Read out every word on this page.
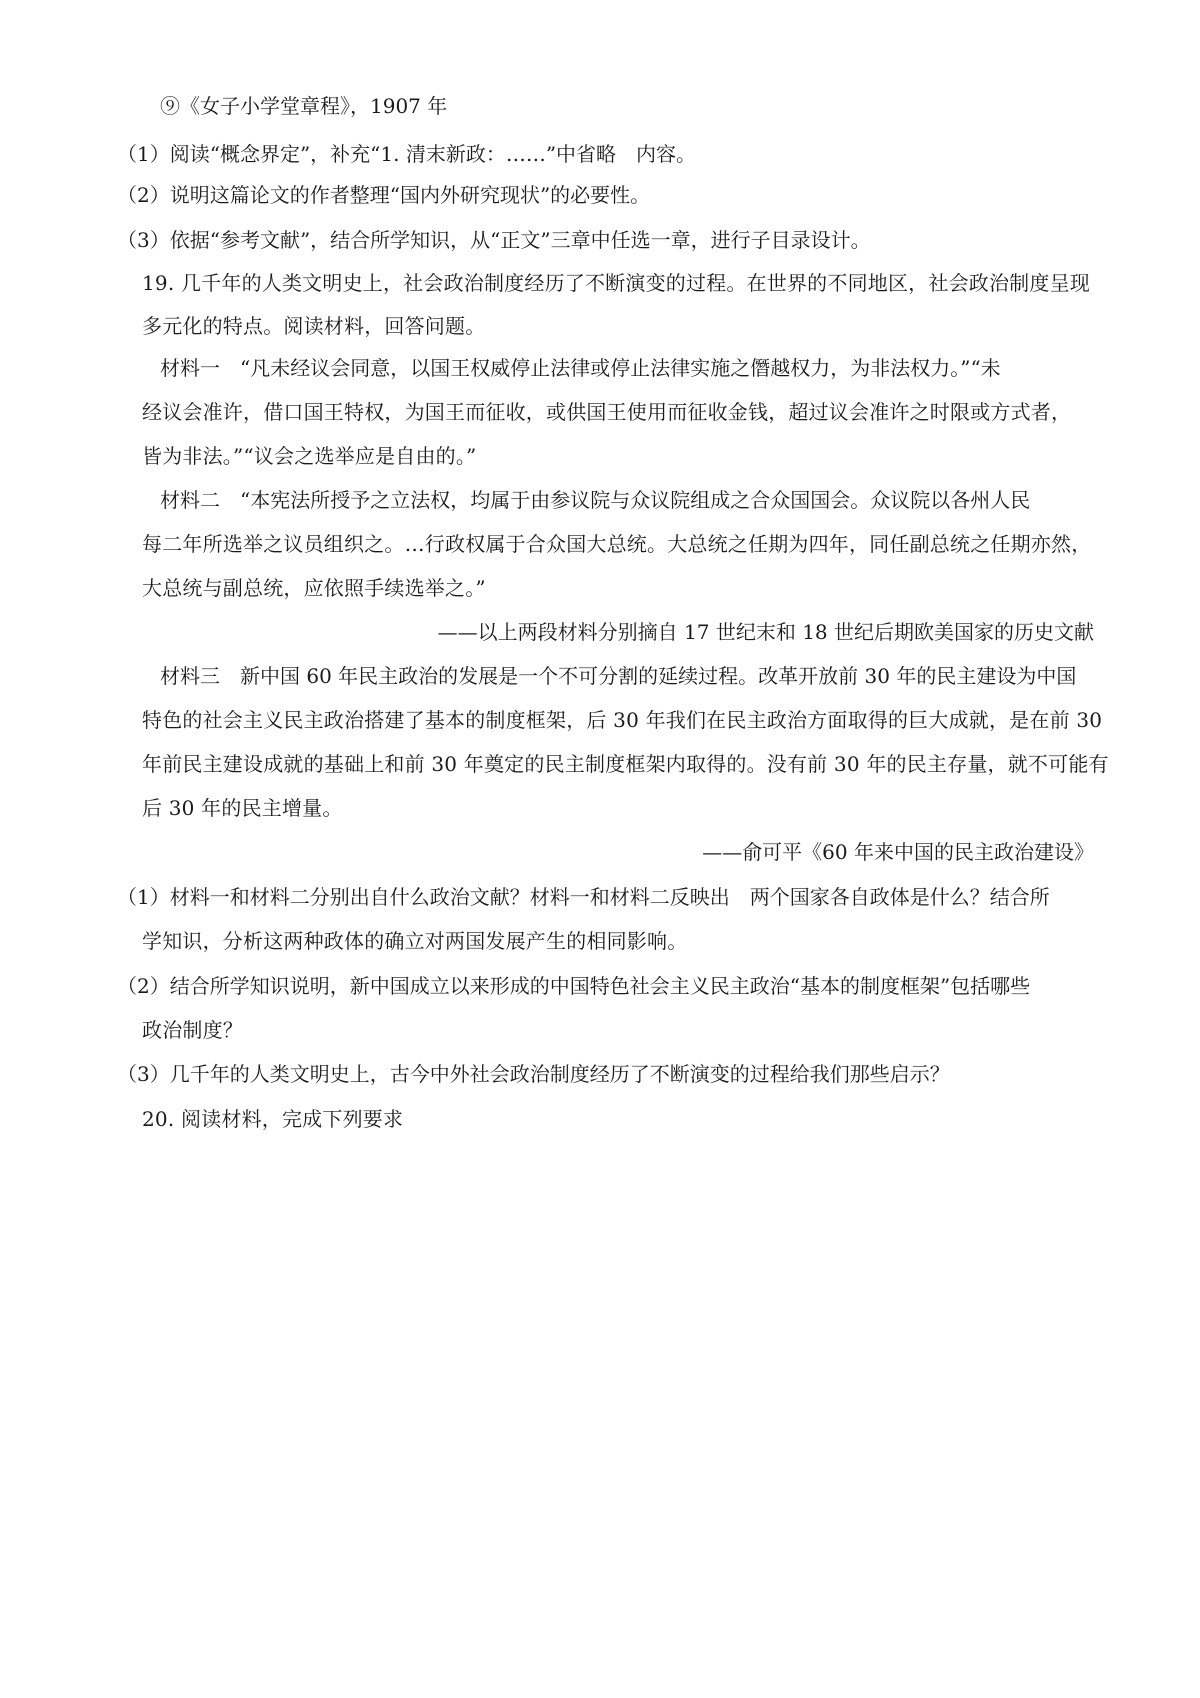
⑨《女子小学堂章程》，1907 年
（1）阅读“概念界定”，补充“1. 清末新政：……”中省略　内容。
（2）说明这篇论文的作者整理“国内外研究现状”的必要性。
（3）依据“参考文献”，结合所学知识，从“正文”三章中任选一章，进行子目录设计。
19. 几千年的人类文明史上，社会政治制度经历了不断演变的过程。在世界的不同地区，社会政治制度呈现
多元化的特点。阅读材料，回答问题。
材料一　“凡未经议会同意，以国王权威停止法律或停止法律实施之僭越权力，为非法权力。”“未
经议会准许，借口国王特权，为国王而征收，或供国王使用而征收金钱，超过议会准许之时限或方式者，
皆为非法。”“议会之选举应是自由的。”
材料二　“本宪法所授予之立法权，均属于由参议院与众议院组成之合众国国会。众议院以各州人民
每二年所选举之议员组织之。…行政权属于合众国大总统。大总统之任期为四年，同任副总统之任期亦然，
大总统与副总统，应依照手续选举之。”
——以上两段材料分别摘自 17 世纪末和 18 世纪后期欧美国家的历史文献
材料三　新中国 60 年民主政治的发展是一个不可分割的延续过程。改革开放前 30 年的民主建设为中国
特色的社会主义民主政治搭建了基本的制度框架，后 30 年我们在民主政治方面取得的巨大成就，是在前 30
年前民主建设成就的基础上和前 30 年奠定的民主制度框架内取得的。没有前 30 年的民主存量，就不可能有
后 30 年的民主增量。
——俞可平《60 年来中国的民主政治建设》
（1）材料一和材料二分别出自什么政治文献？材料一和材料二反映出　两个国家各自政体是什么？结合所
学知识，分析这两种政体的确立对两国发展产生的相同影响。
（2）结合所学知识说明，新中国成立以来形成的中国特色社会主义民主政治“基本的制度框架”包括哪些
政治制度？
（3）几千年的人类文明史上，古今中外社会政治制度经历了不断演变的过程给我们那些启示？
20. 阅读材料，完成下列要求
